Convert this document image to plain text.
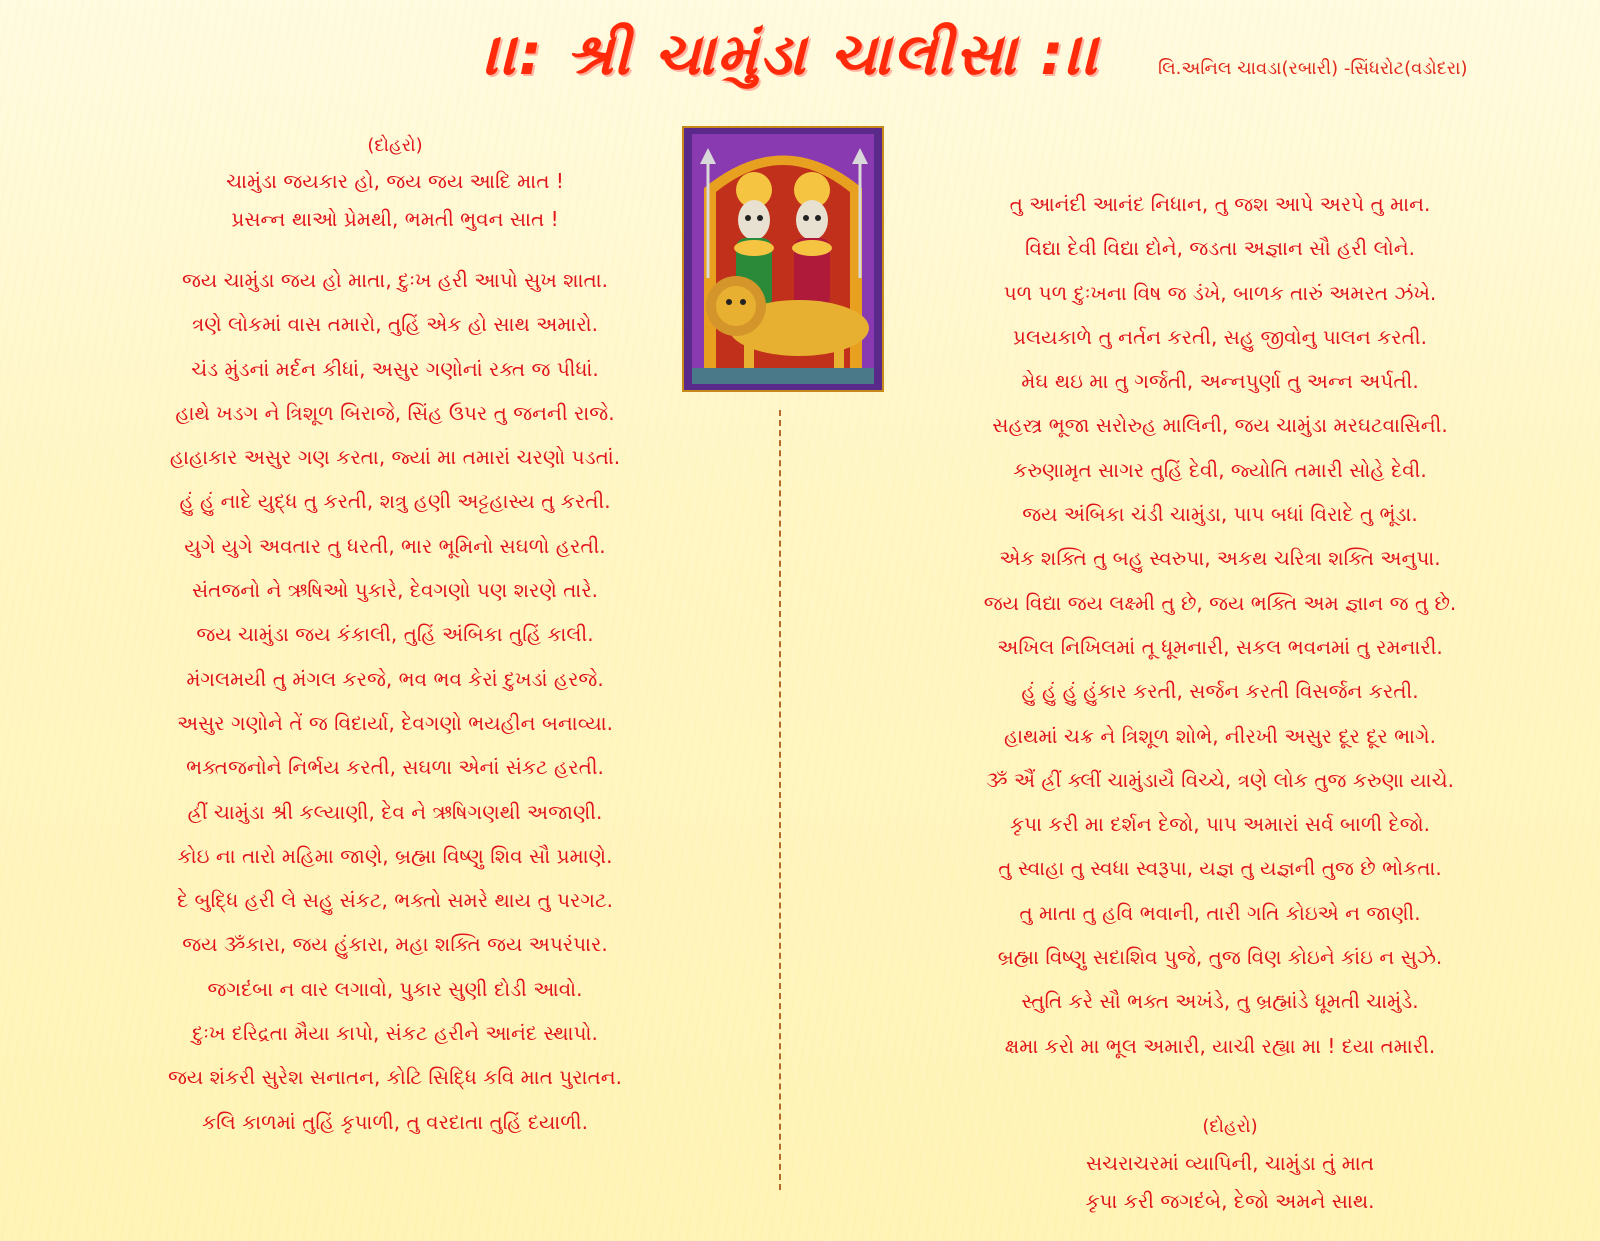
।।: શ્રી ચામુંડા ચાલીસા :।।	લિ.અનિલ ચાવડા(રબારી) -સિંધરોટ(વડોદરા)
(દોહરો)
ચામુંડા જયકાર હો, જય જય આદિ માત !
પ્રસન્ન થાઓ પ્રેમથી, ભમતી ભુવન સાત !
જય ચામુંડા જય હો માતા, દુઃખ હરી આપો સુખ શાતા.
ત્રણે લોકમાં વાસ તમારો, તુહિં એક હો સાથ અમારો.
ચંડ મુંડનાં મર્દન કીધાં, અસુર ગણોનાં રક્ત જ પીધાં.
હાથે ખડગ ને ત્રિશૂળ બિરાજે, સિંહ ઉપર તુ જનની રાજે.
હાહાકાર અસુર ગણ કરતા, જ્યાં મા તમારાં ચરણો પડતાં.
હું હું નાદે યુદ્ધ તુ કરતી, શત્રુ હણી અટ્ટહાસ્ય તુ કરતી.
યુગે યુગે અવતાર તુ ધરતી, ભાર ભૂમિનો સઘળો હરતી.
સંતજનો ને ઋષિઓ પુકારે, દેવગણો પણ શરણે તારે.
જય ચામુંડા જય કંકાલી, તુહિં અંબિકા તુહિં કાલી.
મંગલમયી તુ મંગલ કરજે, ભવ ભવ કેરાં દુખડાં હરજે.
અસુર ગણોને તેં જ વિદાર્યા, દેવગણો ભયહીન બનાવ્યા.
ભક્તજનોને નિર્ભય કરતી, સઘળા એનાં સંકટ હરતી.
હ્રીં ચામુંડા શ્રી કલ્યાણી, દેવ ને ઋષિગણથી અજાણી.
કોઇ ના તારો મહિમા જાણે, બ્રહ્મા વિષ્ણુ શિવ સૌ પ્રમાણે.
દે બુદ્ધિ હરી લે સહુ સંકટ, ભક્તો સમરે થાય તુ પરગટ.
જય ૐકારા, જય હુંકારા, મહા શક્તિ જય અપરંપાર.
જગદંબા ન વાર લગાવો, પુકાર સુણી દોડી આવો.
દુઃખ દરિદ્રતા મૈયા કાપો, સંકટ હરીને આનંદ સ્થાપો.
જય શંકરી સુરેશ સનાતન, કોટિ સિદ્ધિ કવિ માત પુરાતન.
કલિ કાળમાં તુહિં કૃપાળી, તુ વરદાતા તુહિં દયાળી.
તુ આનંદી આનંદ નિધાન, તુ જશ આપે અરપે તુ માન.
વિદ્યા દેવી વિદ્યા દોને, જડતા અજ્ઞાન સૌ હરી લોને.
પળ પળ દુઃખના વિષ જ ડંખે, બાળક તારું અમરત ઝંખે.
પ્રલયકાળે તુ નર્તન કરતી, સહુ જીવોનુ પાલન કરતી.
મેઘ થઇ મા તુ ગર્જતી, અન્નપુર્ણા તુ અન્ન અર્પતી.
સહસ્ત્ર ભૂજા સરોરુહ માલિની, જય ચામુંડા મરઘટવાસિની.
કરુણામૃત સાગર તુહિં દેવી, જ્યોતિ તમારી સોહે દેવી.
જય અંબિકા ચંડી ચામુંડા, પાપ બધાં વિરાદે તુ ભૂંડા.
એક શક્તિ તુ બહુ સ્વરુપા, અકથ ચરિત્રા શક્તિ અનુપા.
જય વિદ્યા જય લક્ષ્મી તુ છે, જય ભક્તિ અમ જ્ઞાન જ તુ છે.
અખિલ નિખિલમાં તૂ ધૂમનારી, સકલ ભવનમાં તુ રમનારી.
હું હું હું હુંકાર કરતી, સર્જન કરતી વિસર્જન કરતી.
હાથમાં ચક્ર ને ત્રિશૂળ શોભે, નીરખી અસુર દૂર દૂર ભાગે.
ૐ ઐં હ્રીં ક્લીં ચામુંડાયૈ વિચ્ચે, ત્રણે લોક તુજ કરુણા યાચે.
કૃપા કરી મા દર્શન દેજો, પાપ અમારાં સર્વ બાળી દેજો.
તુ સ્વાહા તુ સ્વધા સ્વરૂપા, યજ્ઞ તુ યજ્ઞની તુજ છે ભોકતા.
તુ માતા તુ હવિ ભવાની, તારી ગતિ કોઇએ ન જાણી.
બ્રહ્મા વિષ્ણુ સદાશિવ પુજે, તુજ વિણ કોઇને કાંઇ ન સુઝે.
સ્તુતિ કરે સૌ ભક્ત અખંડે, તુ બ્રહ્માંડે ધૂમતી ચામુંડે.
ક્ષમા કરો મા ભૂલ અમારી, યાચી રહ્યા મા ! દયા તમારી.
(દોહરો)
સચરાચરમાં વ્યાપિની, ચામુંડા તું માત
કૃપા કરી જગદંબે, દેજો અમને સાથ.
